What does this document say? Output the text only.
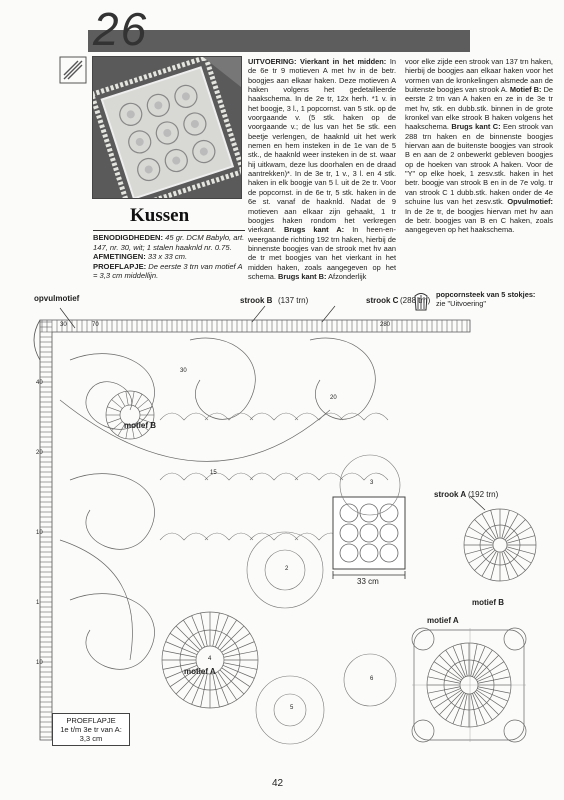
26
Kussen
BENODIGDHEDEN: 45 gr. DCM Babylo, art. 147, nr. 30, wit; 1 stalen haaknld nr. 0.75.
AFMETINGEN: 33 x 33 cm.
PROEFLAPJE: De eerste 3 trn van motief A = 3,3 cm middellijn.
UITVOERING: Vierkant in het midden: In de 6e tr 9 motieven A met hv in de betr. boogjes aan elkaar haken. Deze motieven A haken volgens het gedetailleerde haakschema. In de 2e tr, 12x herh. *1 v. in het boogje, 3 l., 1 popcornst. van 5 stk. op de voorgaande v. (5 stk. haken op de voorgaande v.; de lus van het 5e stk. een beetje verlengen, de haaknld uit het werk nemen en hem insteken in de 1e van de 5 stk., de haaknld weer insteken in de st. waar hij uitkwam, deze lus doorhalen en de draad aantrekken)*. In de 3e tr, 1 v., 3 l. en 4 stk. haken in elk boogje van 5 l. uit de 2e tr. Voor de popcornst. in de 6e tr, 5 stk. haken in de 6e st. vanaf de haaknld. Nadat de 9 motieven aan elkaar zijn gehaakt, 1 tr boogjes haken rondom het verkregen vierkant. Brugs kant A: In heen-en-weergaande richting 192 trn haken, hierbij de binnenste boogjes van de strook met hv aan de tr met boogjes van het vierkant in het midden haken, zoals aangegeven op het schema. Brugs kant B: Afzonderlijk
voor elke zijde een strook van 137 trn haken, hierbij de boogjes aan elkaar haken voor het vormen van de kronkelingen alsmede aan de buitenste boogjes van strook A. Motief B: De eerste 2 trn van A haken en ze in de 3e tr met hv, stk. en dubb.stk. binnen in de grote kronkel van elke strook B haken volgens het haakschema. Brugs kant C: Een strook van 288 trn haken en de binnenste boogjes hiervan aan de buitenste boogjes van strook B en aan de 2 onbewerkt gebleven boogjes op de hoeken van strook A haken. Voor de "Y" op elke hoek, 1 zesv.stk. haken in het betr. boogje van strook B en in de 7e volg. tr van strook C 1 dubb.stk. haken onder de 4e schuine lus van het zesv.stk. Opvulmotief: In de 2e tr, de boogjes hiervan met hv aan de betr. boogjes van B en C haken, zoals aangegeven op het haakschema.
popcornsteek van 5 stokjes:
zie "Uitvoering"
opvulmotief	strook B (137 trn)	strook C (288 trn)
motief B
strook A (192 trn)
33 cm
motief B
motief A
motief A
30	70
40
20
10
1
280
20
30
10
15
2
3
4
5
6
PROEFLAPJE
1e t/m 3e tr van A:
3,3 cm
42
